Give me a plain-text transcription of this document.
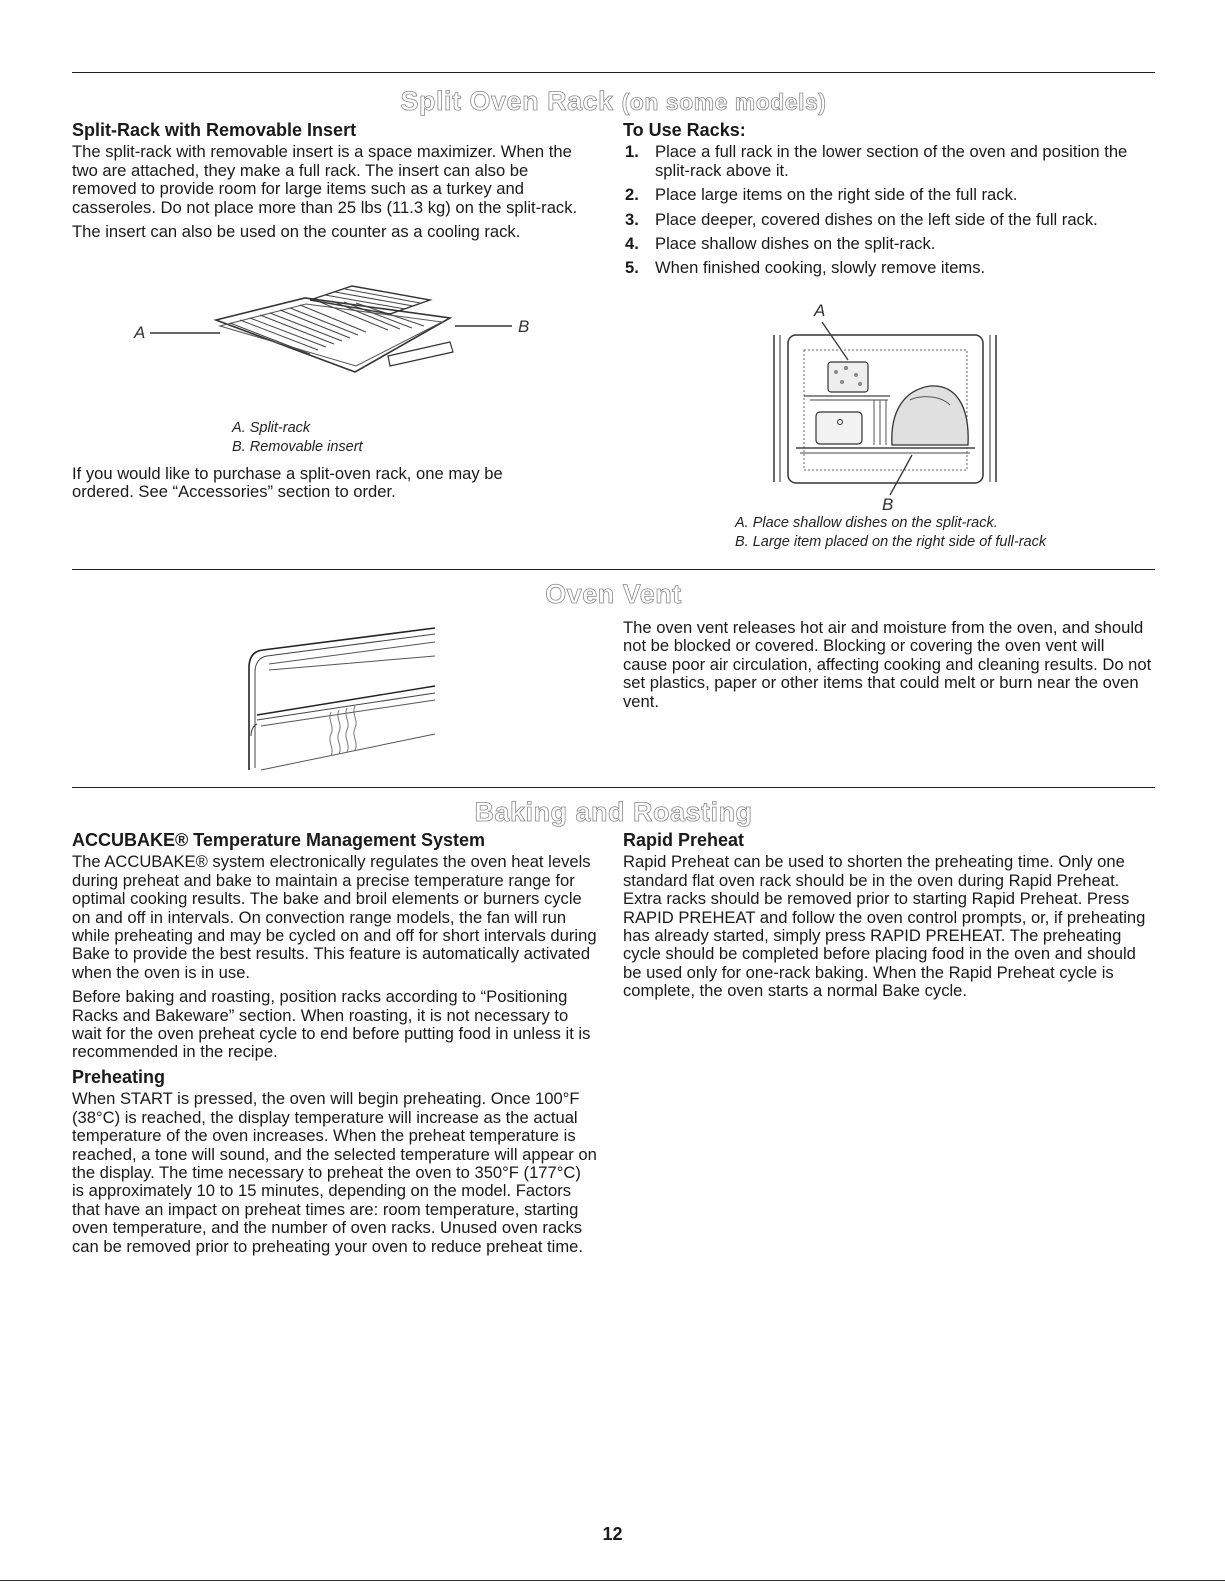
Split Oven Rack (on some models)
Split-Rack with Removable Insert

The split-rack with removable insert is a space maximizer. When the two are attached, they make a full rack. The insert can also be removed to provide room for large items such as a turkey and casseroles. Do not place more than 25 lbs (11.3 kg) on the split-rack.

The insert can also be used on the counter as a cooling rack.

A	B
A. Split-rack
B. Removable insert

If you would like to purchase a split-oven rack, one may be ordered. See “Accessories” section to order.

To Use Racks:
1. Place a full rack in the lower section of the oven and position the split-rack above it.
2. Place large items on the right side of the full rack.
3. Place deeper, covered dishes on the left side of the full rack.
4. Place shallow dishes on the split-rack.
5. When finished cooking, slowly remove items.
A
B
A. Place shallow dishes on the split-rack.
B. Large item placed on the right side of full-rack
Oven Vent

The oven vent releases hot air and moisture from the oven, and should not be blocked or covered. Blocking or covering the oven vent will cause poor air circulation, affecting cooking and cleaning results. Do not set plastics, paper or other items that could melt or burn near the oven vent.

Baking and Roasting
ACCUBAKE® Temperature Management System

The ACCUBAKE® system electronically regulates the oven heat levels during preheat and bake to maintain a precise temperature range for optimal cooking results. The bake and broil elements or burners cycle on and off in intervals. On convection range models, the fan will run while preheating and may be cycled on and off for short intervals during Bake to provide the best results. This feature is automatically activated when the oven is in use.

Before baking and roasting, position racks according to “Positioning Racks and Bakeware” section. When roasting, it is not necessary to wait for the oven preheat cycle to end before putting food in unless it is recommended in the recipe.

Preheating

When START is pressed, the oven will begin preheating. Once 100°F (38°C) is reached, the display temperature will increase as the actual temperature of the oven increases. When the preheat temperature is reached, a tone will sound, and the selected temperature will appear on the display. The time necessary to preheat the oven to 350°F (177°C) is approximately 10 to 15 minutes, depending on the model. Factors that have an impact on preheat times are: room temperature, starting oven temperature, and the number of oven racks. Unused oven racks can be removed prior to preheating your oven to reduce preheat time.

Rapid Preheat

Rapid Preheat can be used to shorten the preheating time. Only one standard flat oven rack should be in the oven during Rapid Preheat. Extra racks should be removed prior to starting Rapid Preheat. Press RAPID PREHEAT and follow the oven control prompts, or, if preheating has already started, simply press RAPID PREHEAT. The preheating cycle should be completed before placing food in the oven and should be used only for one-rack baking. When the Rapid Preheat cycle is complete, the oven starts a normal Bake cycle.

12
